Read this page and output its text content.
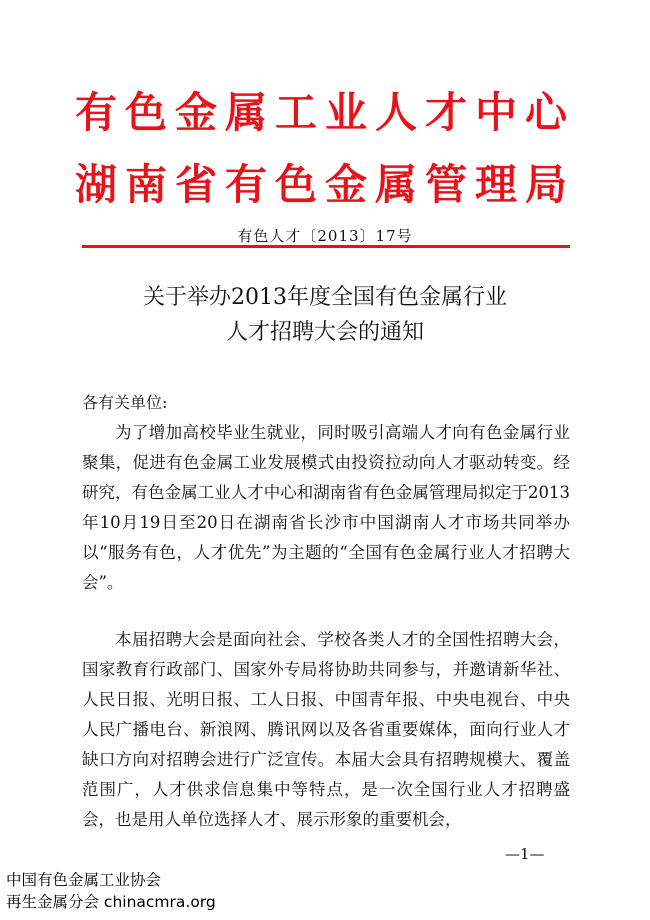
有色金属工业人才中心
湖南省有色金属管理局
有色人才〔2013〕17号
关于举办2013年度全国有色金属行业
人才招聘大会的通知
各有关单位:

为了增加高校毕业生就业，同时吸引高端人才向有色金属行业聚集，促进有色金属工业发展模式由投资拉动向人才驱动转变。经研究，有色金属工业人才中心和湖南省有色金属管理局拟定于2013年10月19日至20日在湖南省长沙市中国湖南人才市场共同举办以“服务有色，人才优先”为主题的“全国有色金属行业人才招聘大会”。

本届招聘大会是面向社会、学校各类人才的全国性招聘大会，国家教育行政部门、国家外专局将协助共同参与，并邀请新华社、人民日报、光明日报、工人日报、中国青年报、中央电视台、中央人民广播电台、新浪网、腾讯网以及各省重要媒体，面向行业人才缺口方向对招聘会进行广泛宣传。本届大会具有招聘规模大、覆盖范围广，人才供求信息集中等特点，是一次全国行业人才招聘盛会，也是用人单位选择人才、展示形象的重要机会，

—1—
中国有色金属工业协会
再生金属分会 chinacmra.org
